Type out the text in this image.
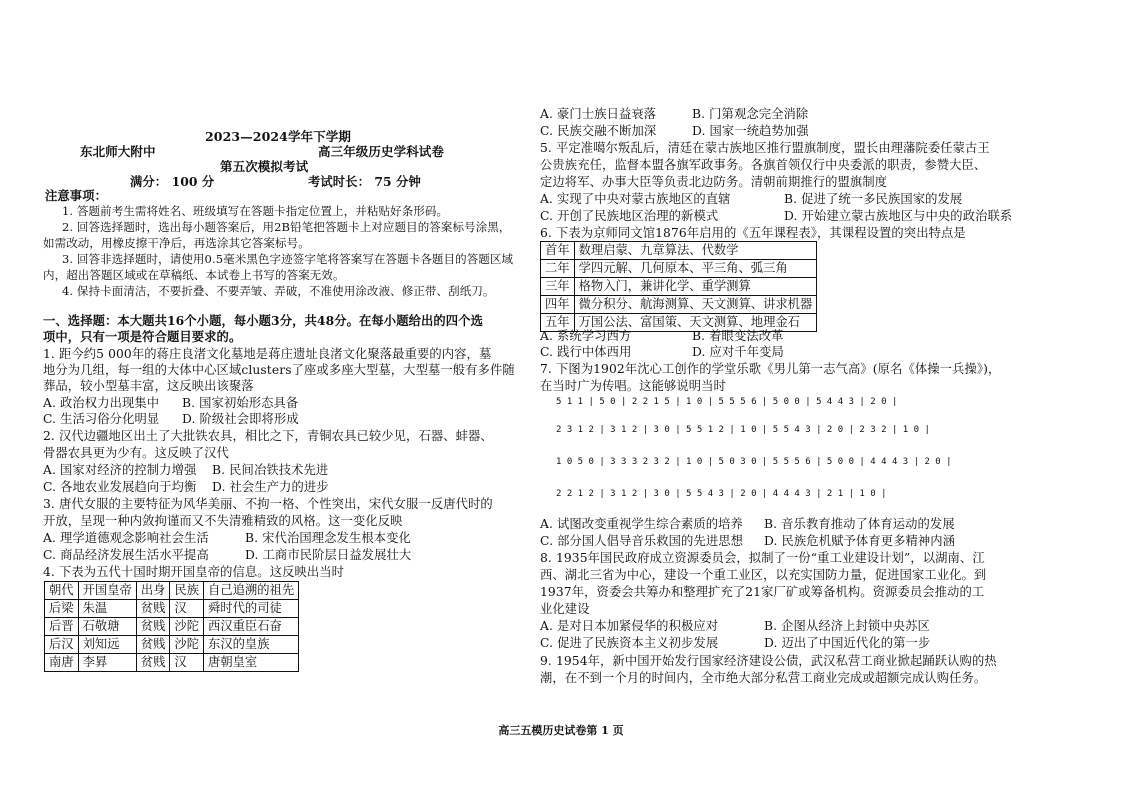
2023—2024学年下学期
东北师大附中	高三年级历史学科试卷
第五次模拟考试
满分： 100 分	考试时长： 75 分钟
注意事项：
1. 答题前考生需将姓名、班级填写在答题卡指定位置上，并粘贴好条形码。
2. 回答选择题时，选出每小题答案后，用2B铅笔把答题卡上对应题目的答案标号涂黑，
如需改动，用橡皮擦干净后，再选涂其它答案标号。
3. 回答非选择题时，请使用0.5毫米黑色字迹签字笔将答案写在答题卡各题目的答题区域
内，超出答题区域或在草稿纸、本试卷上书写的答案无效。
4. 保持卡面清洁，不要折叠、不要弄皱、弄破，不准使用涂改液、修正带、刮纸刀。
一、选择题：本大题共16个小题，每小题3分，共48分。在每小题给出的四个选
项中，只有一项是符合题目要求的。
1. 距今约5 000年的蒋庄良渚文化墓地是蒋庄遗址良渚文化聚落最重要的内容，墓
地分为几组，每一组的大体中心区域clusters了座或多座大型墓，大型墓一般有多件随
葬品，较小型墓丰富，这反映出该聚落
A. 政治权力出现集中 B. 国家初始形态具备
C. 生活习俗分化明显 D. 阶级社会即将形成
2. 汉代边疆地区出土了大批铁农具，相比之下，青铜农具已较少见，石器、蚌器、
骨器农具更为少有。这反映了汉代
A. 国家对经济的控制力增强 B. 民间冶铁技术先进
C. 各地农业发展趋向于均衡 D. 社会生产力的进步
3. 唐代女服的主要特征为风华美丽、不拘一格、个性突出，宋代女服一反唐代时的
开放，呈现一种内敛拘谨而又不失清雅精致的风格。这一变化反映
A. 理学道德观念影响社会生活	B. 宋代治国理念发生根本变化
C. 商品经济发展生活水平提高	D. 工商市民阶层日益发展壮大
4. 下表为五代十国时期开国皇帝的信息。这反映出当时
朝代	开国皇帝	出身	民族	自己追溯的祖先
后梁	朱温	贫贱	汉	舜时代的司徒
后晋	石敬瑭	贫贱	沙陀	西汉重臣石奋
后汉	刘知远	贫贱	沙陀	东汉的皇族
南唐	李昪	贫贱	汉	唐朝皇室
A. 豪门士族日益衰落	B. 门第观念完全消除
C. 民族交融不断加深	D. 国家一统趋势加强
5. 平定准噶尔叛乱后，清廷在蒙古族地区推行盟旗制度，盟长由理藩院委任蒙古王
公贵族充任，监督本盟各旗军政事务。各旗首领仅行中央委派的职责，参赞大臣、
定边将军、办事大臣等负责北边防务。清朝前期推行的盟旗制度
A. 实现了中央对蒙古族地区的直辖	B. 促进了统一多民族国家的发展
C. 开创了民族地区治理的新模式	D. 开始建立蒙古族地区与中央的政治联系
6. 下表为京师同文馆1876年启用的《五年课程表》，其课程设置的突出特点是
首年	数理启蒙、九章算法、代数学
二年	学四元解、几何原本、平三角、弧三角
三年	格物入门，兼讲化学、重学测算
四年	微分积分、航海测算、天文测算、讲求机器
五年	万国公法、富国策、天文测算、地理金石
A. 系统学习西方	B. 着眼变法改革
C. 践行中体西用	D. 应对千年变局
7. 下图为1902年沈心工创作的学堂乐歌《男儿第一志气高》(原名《体操一兵操》)，
在当时广为传唱。这能够说明当时
5 1 1 | 5 0 | 2 2 1 5 | 1 0 | 5 5 5 6 | 5 0 0 | 5 4 4 3 | 2 0 |
2 3 1 2 | 3 1 2 | 3 0 | 5 5 1 2 | 1 0 | 5 5 4 3 | 2 0 | 2 3 2 | 1 0 |
1 0 5 0 | 3 3 3 2 3 2 | 1 0 | 5 0 3 0 | 5 5 5 6 | 5 0 0 | 4 4 4 3 | 2 0 |
2 2 1 2 | 3 1 2 | 3 0 | 5 5 4 3 | 2 0 | 4 4 4 3 | 2 1 | 1 0 |
A. 试图改变重视学生综合素质的培养 B. 音乐教育推动了体育运动的发展
C. 部分国人倡导音乐救国的先进思想 D. 民族危机赋予体育更多精神内涵
8. 1935年国民政府成立资源委员会，拟制了一份“重工业建设计划”，以湖南、江
西、湖北三省为中心，建设一个重工业区，以充实国防力量，促进国家工业化。到
1937年，资委会共筹办和整理扩充了21家厂矿或筹备机构。资源委员会推动的工
业化建设
A. 是对日本加紧侵华的积极应对	B. 企图从经济上封锁中央苏区
C. 促进了民族资本主义初步发展	D. 迈出了中国近代化的第一步
9. 1954年，新中国开始发行国家经济建设公债，武汉私营工商业掀起踊跃认购的热
潮，在不到一个月的时间内，全市绝大部分私营工商业完成或超额完成认购任务。
高三五模历史试卷第 1 页
